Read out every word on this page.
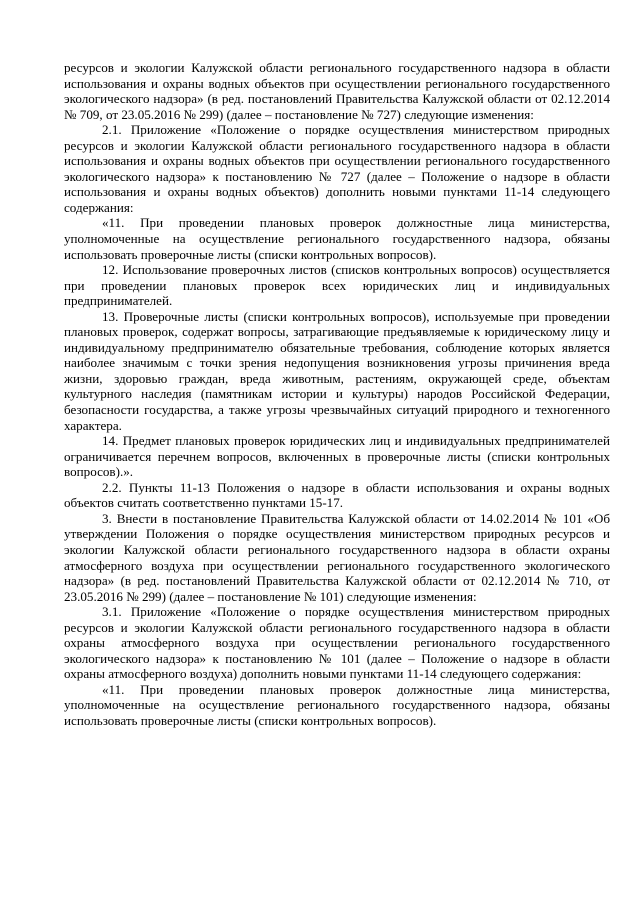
ресурсов и экологии Калужской области регионального государственного надзора в области использования и охраны водных объектов при осуществлении регионального государственного экологического надзора» (в ред. постановлений Правительства Калужской области от 02.12.2014 № 709, от 23.05.2016 № 299) (далее – постановление № 727) следующие изменения:

2.1. Приложение «Положение о порядке осуществления министерством природных ресурсов и экологии Калужской области регионального государственного надзора в области использования и охраны водных объектов при осуществлении регионального государственного экологического надзора» к постановлению № 727 (далее – Положение о надзоре в области использования и охраны водных объектов) дополнить новыми пунктами 11-14 следующего содержания:

«11. При проведении плановых проверок должностные лица министерства, уполномоченные на осуществление регионального государственного надзора, обязаны использовать проверочные листы (списки контрольных вопросов).

12. Использование проверочных листов (списков контрольных вопросов) осуществляется при проведении плановых проверок всех юридических лиц и индивидуальных предпринимателей.

13. Проверочные листы (списки контрольных вопросов), используемые при проведении плановых проверок, содержат вопросы, затрагивающие предъявляемые к юридическому лицу и индивидуальному предпринимателю обязательные требования, соблюдение которых является наиболее значимым с точки зрения недопущения возникновения угрозы причинения вреда жизни, здоровью граждан, вреда животным, растениям, окружающей среде, объектам культурного наследия (памятникам истории и культуры) народов Российской Федерации, безопасности государства, а также угрозы чрезвычайных ситуаций природного и техногенного характера.

14. Предмет плановых проверок юридических лиц и индивидуальных предпринимателей ограничивается перечнем вопросов, включенных в проверочные листы (списки контрольных вопросов).».

2.2. Пункты 11-13 Положения о надзоре в области использования и охраны водных объектов считать соответственно пунктами 15-17.

3. Внести в постановление Правительства Калужской области от 14.02.2014 № 101 «Об утверждении Положения о порядке осуществления министерством природных ресурсов и экологии Калужской области регионального государственного надзора в области охраны атмосферного воздуха при осуществлении регионального государственного экологического надзора» (в ред. постановлений Правительства Калужской области от 02.12.2014 № 710, от 23.05.2016 № 299) (далее – постановление № 101) следующие изменения:

3.1. Приложение «Положение о порядке осуществления министерством природных ресурсов и экологии Калужской области регионального государственного надзора в области охраны атмосферного воздуха при осуществлении регионального государственного экологического надзора» к постановлению № 101 (далее – Положение о надзоре в области охраны атмосферного воздуха) дополнить новыми пунктами 11-14 следующего содержания:

«11. При проведении плановых проверок должностные лица министерства, уполномоченные на осуществление регионального государственного надзора, обязаны использовать проверочные листы (списки контрольных вопросов).
